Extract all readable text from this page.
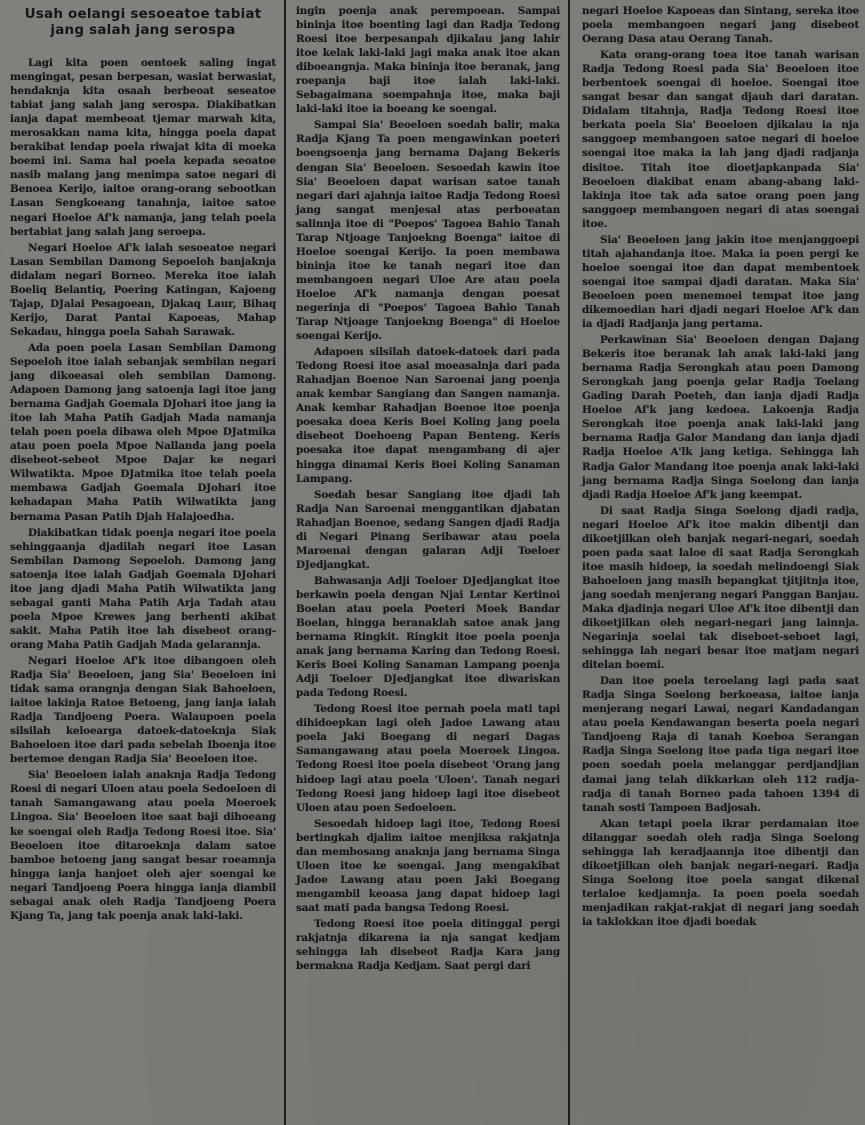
Usah oelangi sesoeatoe tabiat jang salah jang serospa

Lagi kita poen oentoek saling ingat mengingat, pesan berpesan, wasiat berwasiat, hendaknja kita osaah berbeoat seseatoe tabiat jang salah jang serospa. Diakibatkan ianja dapat membeoat tjemar marwah kita, merosakkan nama kita, hingga poela dapat berakibat lendap poela riwajat kita di moeka boemi ini. Sama hal poela kepada seoatoe nasib malang jang menimpa satoe negari di Benoea Kerijo, iaitoe orang-orang sebootkan Lasan Sengkoeang tanahnja, iaitoe satoe negari Hoeloe Af'k namanja, jang telah poela bertabiat jang salah jang seroepa.

Negari Hoeloe Af'k ialah sesoeatoe negari Lasan Sembilan Damong Sepoeloh banjaknja didalam negari Borneo. Mereka itoe ialah Boeliq Belantiq, Poering Katingan, Kajoeng Tajap, DJalai Pesagoean, Djakaq Laur, Bihaq Kerijo, Darat Pantai Kapoeas, Mahap Sekadau, hingga poela Sabah Sarawak.

Ada poen poela Lasan Sembilan Damong Sepoeloh itoe ialah sebanjak sembilan negari jang dikoeasai oleh sembilan Damong. Adapoen Damong jang satoenja lagi itoe jang bernama Gadjah Goemala DJohari itoe jang ia itoe lah Maha Patih Gadjah Mada namanja telah poen poela dibawa oleh Mpoe DJatmika atau poen poela Mpoe Nallanda jang poela disebeot-sebeot Mpoe Dajar ke negari Wilwatikta. Mpoe DJatmika itoe telah poela membawa Gadjah Goemala DJohari itoe kehadapan Maha Patih Wilwatikta jang bernama Pasan Patih Djah Halajoedha.

Diakibatkan tidak poenja negari itoe poela sehinggaanja djadilah negari itoe Lasan Sembilan Damong Sepoeloh. Damong jang satoenja itoe ialah Gadjah Goemala DJohari itoe jang djadi Maha Patih Wilwatikta jang sebagai ganti Maha Patih Arja Tadah atau poela Mpoe Krewes jang berhenti akibat sakit. Maha Patih itoe lah disebeot orang-orang Maha Patih Gadjah Mada gelarannja.

Negari Hoeloe Af'k itoe dibangoen oleh Radja Sia' Beoeloen, jang Sia' Beoeloen ini tidak sama orangnja dengan Siak Bahoeloen, iaitoe lakinja Ratoe Betoeng, jang ianja ialah Radja Tandjoeng Poera. Walaupoen poela silsilah keloearga datoek-datoeknja Siak Bahoeloen itoe dari pada sebelah Iboenja itoe bertemoe dengan Radja Sia' Beoeloen itoe.

Sia' Beoeloen ialah anaknja Radja Tedong Roesi di negari Uloen atau poela Sedoeloen di tanah Samangawang atau poela Moeroek Lingoa. Sia' Beoeloen itoe saat baji dihoeang ke soengai oleh Radja Tedong Roesi itoe. Sia' Beoeloen itoe ditaroeknja dalam satoe bamboe betoeng jang sangat besar roeamnja hingga ianja hanjoet oleh ajer soengai ke negari Tandjoeng Poera hingga ianja diambil sebagai anak oleh Radja Tandjoeng Poera Kjang Ta, jang tak poenja anak laki-laki.

ingin poenja anak perempoean. Sampai bininja itoe boenting lagi dan Radja Tedong Roesi itoe berpesanpah djikalau jang lahir itoe kelak laki-laki jagi maka anak itoe akan diboeangnja. Maka bininja itoe beranak, jang roepanja baji itoe ialah laki-laki. Sebagaimana soempahnja itoe, maka baji laki-laki itoe ia boeang ke soengai.

Sampai Sia' Beoeloen soedah balir, maka Radja Kjang Ta poen mengawinkan poeteri boengsoenja jang bernama Dajang Bekeris dengan Sia' Beoeloen. Sesoedah kawin itoe Sia' Beoeloen dapat warisan satoe tanah negari dari ajahnja iaitoe Radja Tedong Roesi jang sangat menjesal atas perboeatan salinnja itoe di "Poepos' Tagoea Bahio Tanah Tarap Ntjoage Tanjoekng Boenga" iaitoe di Hoeloe soengai Kerijo. Ia poen membawa bininja itoe ke tanah negari itoe dan membangoen negari Uloe Are atau poela Hoeloe Af'k namanja dengan poesat negerinja di "Poepos' Tagoea Bahio Tanah Tarap Ntjoage Tanjoekng Boenga" di Hoeloe soengai Kerijo.

Adapoen silsilah datoek-datoek dari pada Tedong Roesi itoe asal moeasalnja dari pada Rahadjan Boenoe Nan Saroenai jang poenja anak kembar Sangiang dan Sangen namanja. Anak kembar Rahadjan Boenoe itoe poenja poesaka doea Keris Boei Koling jang poela disebeot Doehoeng Papan Benteng. Keris poesaka itoe dapat mengambang di ajer hingga dinamai Keris Boei Koling Sanaman Lampang.

Soedah besar Sangiang itoe djadi lah Radja Nan Saroenai menggantikan djabatan Rahadjan Boenoe, sedang Sangen djadi Radja di Negari Pinang Seribawar atau poela Maroenai dengan galaran Adji Toeloer DJedjangkat.

Bahwasanja Adji Toeloer DJedjangkat itoe berkawin poela dengan Njai Lentar Kertinoi Boelan atau poela Poeteri Moek Bandar Boelan, hingga beranaklah satoe anak jang bernama Ringkit. Ringkit itoe poela poenja anak jang bernama Karing dan Tedong Roesi. Keris Boei Koling Sanaman Lampang poenja Adji Toeloer DJedjangkat itoe diwariskan pada Tedong Roesi.

Tedong Roesi itoe pernah poela mati tapi dihidoepkan lagi oleh Jadoe Lawang atau poela Jaki Boegang di negari Dagas Samangawang atau poela Moeroek Lingoa. Tedong Roesi itoe poela disebeot 'Orang jang hidoep lagi atau poela 'Uloen'. Tanah negari Tedong Roesi jang hidoep lagi itoe disebeot Uloen atau poen Sedoeloen.

Sesoedah hidoep lagi itoe, Tedong Roesi bertingkah djalim iaitoe menjiksa rakjatnja dan membosang anaknja jang bernama Singa Uloen itoe ke soengai. Jang mengakibat Jadoe Lawang atau poen Jaki Boegang mengambil keoasa jang dapat hidoep lagi saat mati pada bangsa Tedong Roesi.

Tedong Roesi itoe poela ditinggal pergi rakjatnja dikarena ia nja sangat kedjam sehingga lah disebeot Radja Kara jang bermakna Radja Kedjam. Saat pergi dari

negari Hoeloe Kapoeas dan Sintang, sereka itoe poela membangoen negari jang disebeot Oerang Dasa atau Oerang Tanah.

Kata orang-orang toea itoe tanah warisan Radja Tedong Roesi pada Sia' Beoeloen itoe berbentoek soengai di hoeloe. Soengai itoe sangat besar dan sangat djauh dari daratan. Didalam titahnja, Radja Tedong Roesi itoe berkata poela Sia' Beoeloen djikalau ia nja sanggoep membangoen satoe negari di hoeloe soengai itoe maka ia lah jang djadi radjanja disitoe. Titah itoe dioetjapkanpada Sia' Beoeloen diakibat enam abang-abang laki-lakinja itoe tak ada satoe orang poen jang sanggoep membangoen negari di atas soengai itoe.

Sia' Beoeloen jang jakin itoe menjanggoepi titah ajahandanja itoe. Maka ia poen pergi ke hoeloe soengai itoe dan dapat membentoek soengai itoe sampai djadi daratan. Maka Sia' Beoeloen poen menemoei tempat itoe jang dikemoedian hari djadi negari Hoeloe Af'k dan ia djadi Radjanja jang pertama.

Perkawinan Sia' Beoeloen dengan Dajang Bekeris itoe beranak lah anak laki-laki jang bernama Radja Serongkah atau poen Damong Serongkah jang poenja gelar Radja Toelang Gading Darah Poeteh, dan ianja djadi Radja Hoeloe Af'k jang kedoea. Lakoenja Radja Serongkah itoe poenja anak laki-laki jang bernama Radja Galor Mandang dan ianja djadi Radja Hoeloe A'lk jang ketiga. Sehingga lah Radja Galor Mandang itoe poenja anak laki-laki jang bernama Radja Singa Soelong dan ianja djadi Radja Hoeloe Af'k jang keempat.

Di saat Radja Singa Soelong djadi radja, negari Hoeloe Af'k itoe makin dibentji dan dikoetjilkan oleh banjak negari-negari, soedah poen pada saat laloe di saat Radja Serongkah itoe masih hidoep, ia soedah melindoengi Siak Bahoeloen jang masih bepangkat tjitjitnja itoe, jang soedah menjerang negari Panggan Banjau. Maka djadinja negari Uloe Af'k itoe dibentji dan dikoetjilkan oleh negari-negari jang lainnja. Negarinja soelai tak diseboet-seboet lagi, sehingga lah negari besar itoe matjam negari ditelan boemi.

Dan itoe poela teroelang lagi pada saat Radja Singa Soelong berkoeasa, iaitoe ianja menjerang negari Lawai, negari Kandadangan atau poela Kendawangan beserta poela negari Tandjoeng Raja di tanah Koeboa Serangan Radja Singa Soelong itoe pada tiga negari itoe poen soedah poela melanggar perdjandjian damai jang telah dikkarkan oleh 112 radja-radja di tanah Borneo pada tahoen 1394 di tanah sosti Tampoen Badjosah.

Akan tetapi poela ikrar perdamaian itoe dilanggar soedah oleh radja Singa Soelong sehingga lah keradjaannja itoe dibentji dan dikoetjilkan oleh banjak negari-negari. Radja Singa Soelong itoe poela sangat dikenal terlaloe kedjamnja. Ia poen poela soedah menjadikan rakjat-rakjat di negari jang soedah ia taklokkan itoe djadi boedak
